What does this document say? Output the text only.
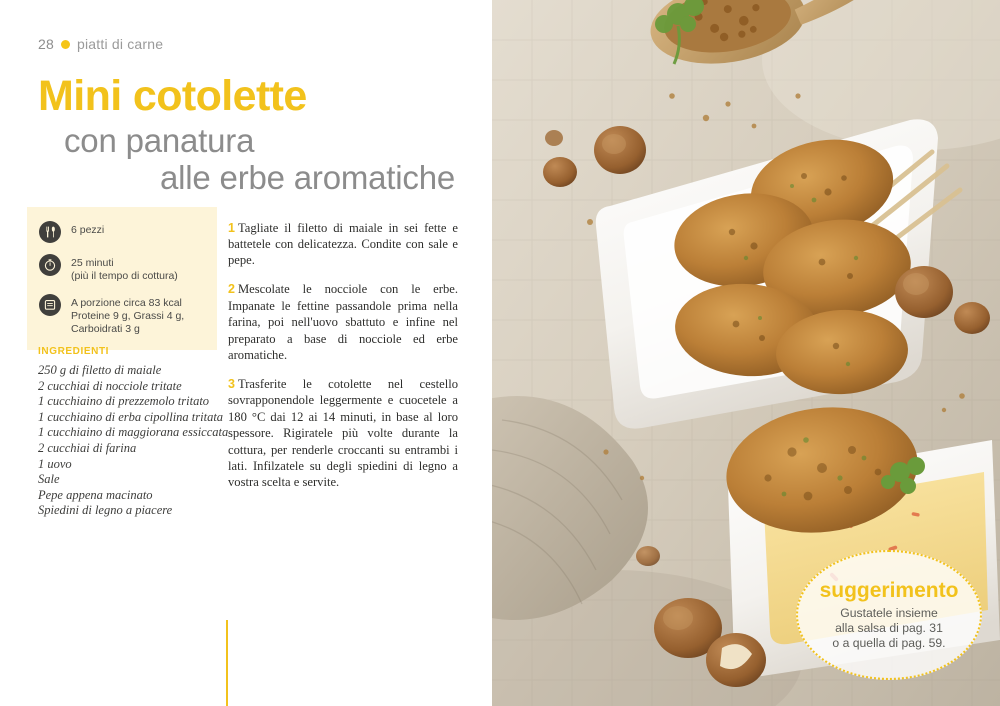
28 piatti di carne
Mini cotolette
con panatura
alle erbe aromatiche
6 pezzi
25 minuti
(più il tempo di cottura)
A porzione circa 83 kcal
Proteine 9 g, Grassi 4 g,
Carboidrati 3 g
INGREDIENTI
250 g di filetto di maiale
2 cucchiai di nocciole tritate
1 cucchiaino di prezzemolo tritato
1 cucchiaino di erba cipollina tritata
1 cucchiaino di maggiorana essiccata
2 cucchiai di farina
1 uovo
Sale
Pepe appena macinato
Spiedini di legno a piacere

1 Tagliate il filetto di maiale in sei fette e battetele con delicatezza. Condite con sale e pepe.

2 Mescolate le nocciole con le erbe. Impanate le fettine passandole prima nella farina, poi nell'uovo sbattuto e infine nel preparato a base di nocciole ed erbe aromatiche.

3 Trasferite le cotolette nel cestello sovrapponendole leggermente e cuocetele a 180 °C dai 12 ai 14 minuti, in base al loro spessore. Rigiratele più volte durante la cottura, per renderle croccanti su entrambi i lati. Infilzatele su degli spiedini di legno a vostra scelta e servite.

suggerimento
Gustatele insieme
alla salsa di pag. 31
o a quella di pag. 59.
